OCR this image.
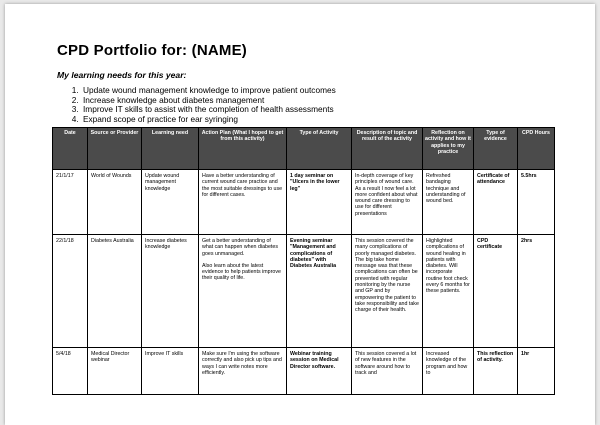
CPD Portfolio for: (NAME)
My learning needs for this year:
1. Update wound management knowledge to improve patient outcomes
2. Increase knowledge about diabetes management
3. Improve IT skills to assist with the completion of health assessments
4. Expand scope of practice for ear syringing
Date	Source or Provider	Learning need	Action Plan (What I hoped to get from this activity)	Type of Activity	Description of topic and result of the activity	Reflection on activity and how it applies to my practice	Type of evidence	CPD Hours
21/1/17	World of Wounds	Update wound management knowledge	Have a better understanding of current wound care practice and the most suitable dressings to use for different cases.	1 day seminar on "Ulcers in the lower leg"	In-depth coverage of key principles of wound care. As a result I now feel a lot more confident about what wound care dressing to use for different presentations	Refreshed bandaging technique and understanding of wound bed.	Certificate of attendance	5.5hrs
22/1/18	Diabetes Australia	Increase diabetes knowledge	Get a better understanding of what can happen when diabetes goes unmanaged.
Also learn about the latest evidence to help patients improve their quality of life.	Evening seminar "Management and complications of diabetes" with Diabetes Australia	This session covered the many complications of poorly managed diabetes. The big take home message was that these complications can often be prevented with regular monitoring by the nurse and GP and by empowering the patient to take responsibility and take charge of their health.	Highlighted complications of wound healing in patients with diabetes. Will incorporate routine foot check every 6 months for these patients.	CPD certificate	2hrs
5/4/18	Medical Director webinar	Improve IT skills	Make sure I'm using the software correctly and also pick up tips and ways I can write notes more efficiently.	Webinar training session on Medical Director software.	This session covered a lot of new features in the software around how to track and	Increased knowledge of the program and how to	This reflection of activity.	1hr
